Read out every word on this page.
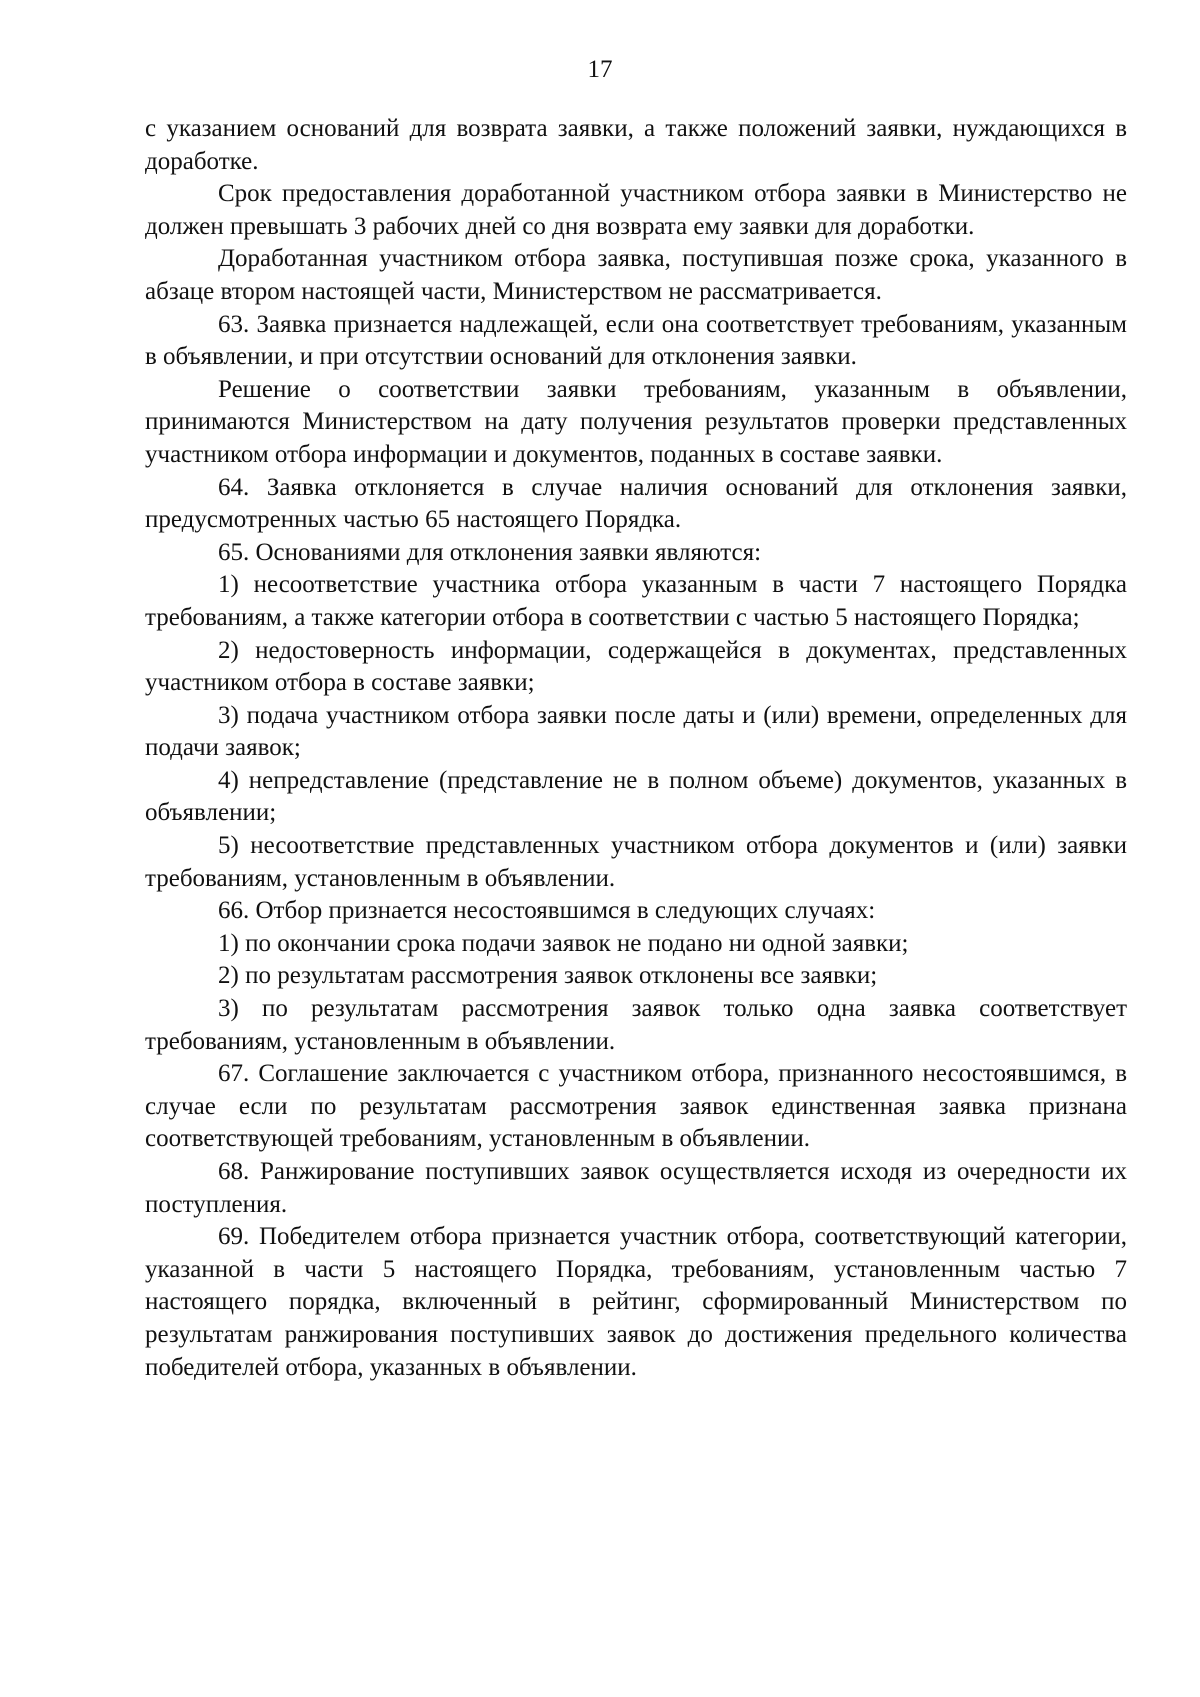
17

с указанием оснований для возврата заявки, а также положений заявки, нуждающихся в доработке.

Срок предоставления доработанной участником отбора заявки в Министерство не должен превышать 3 рабочих дней со дня возврата ему заявки для доработки.

Доработанная участником отбора заявка, поступившая позже срока, указанного в абзаце втором настоящей части, Министерством не рассматривается.

63. Заявка признается надлежащей, если она соответствует требованиям, указанным в объявлении, и при отсутствии оснований для отклонения заявки.

Решение о соответствии заявки требованиям, указанным в объявлении, принимаются Министерством на дату получения результатов проверки представленных участником отбора информации и документов, поданных в составе заявки.

64. Заявка отклоняется в случае наличия оснований для отклонения заявки, предусмотренных частью 65 настоящего Порядка.

65. Основаниями для отклонения заявки являются:

1) несоответствие участника отбора указанным в части 7 настоящего Порядка требованиям, а также категории отбора в соответствии с частью 5 настоящего Порядка;

2) недостоверность информации, содержащейся в документах, представленных участником отбора в составе заявки;

3) подача участником отбора заявки после даты и (или) времени, определенных для подачи заявок;

4) непредставление (представление не в полном объеме) документов, указанных в объявлении;

5) несоответствие представленных участником отбора документов и (или) заявки требованиям, установленным в объявлении.

66. Отбор признается несостоявшимся в следующих случаях:

1) по окончании срока подачи заявок не подано ни одной заявки;

2) по результатам рассмотрения заявок отклонены все заявки;

3) по результатам рассмотрения заявок только одна заявка соответствует требованиям, установленным в объявлении.

67. Соглашение заключается с участником отбора, признанного несостоявшимся, в случае если по результатам рассмотрения заявок единственная заявка признана соответствующей требованиям, установленным в объявлении.

68. Ранжирование поступивших заявок осуществляется исходя из очередности их поступления.

69. Победителем отбора признается участник отбора, соответствующий категории, указанной в части 5 настоящего Порядка, требованиям, установленным частью 7 настоящего порядка, включенный в рейтинг, сформированный Министерством по результатам ранжирования поступивших заявок до достижения предельного количества победителей отбора, указанных в объявлении.
